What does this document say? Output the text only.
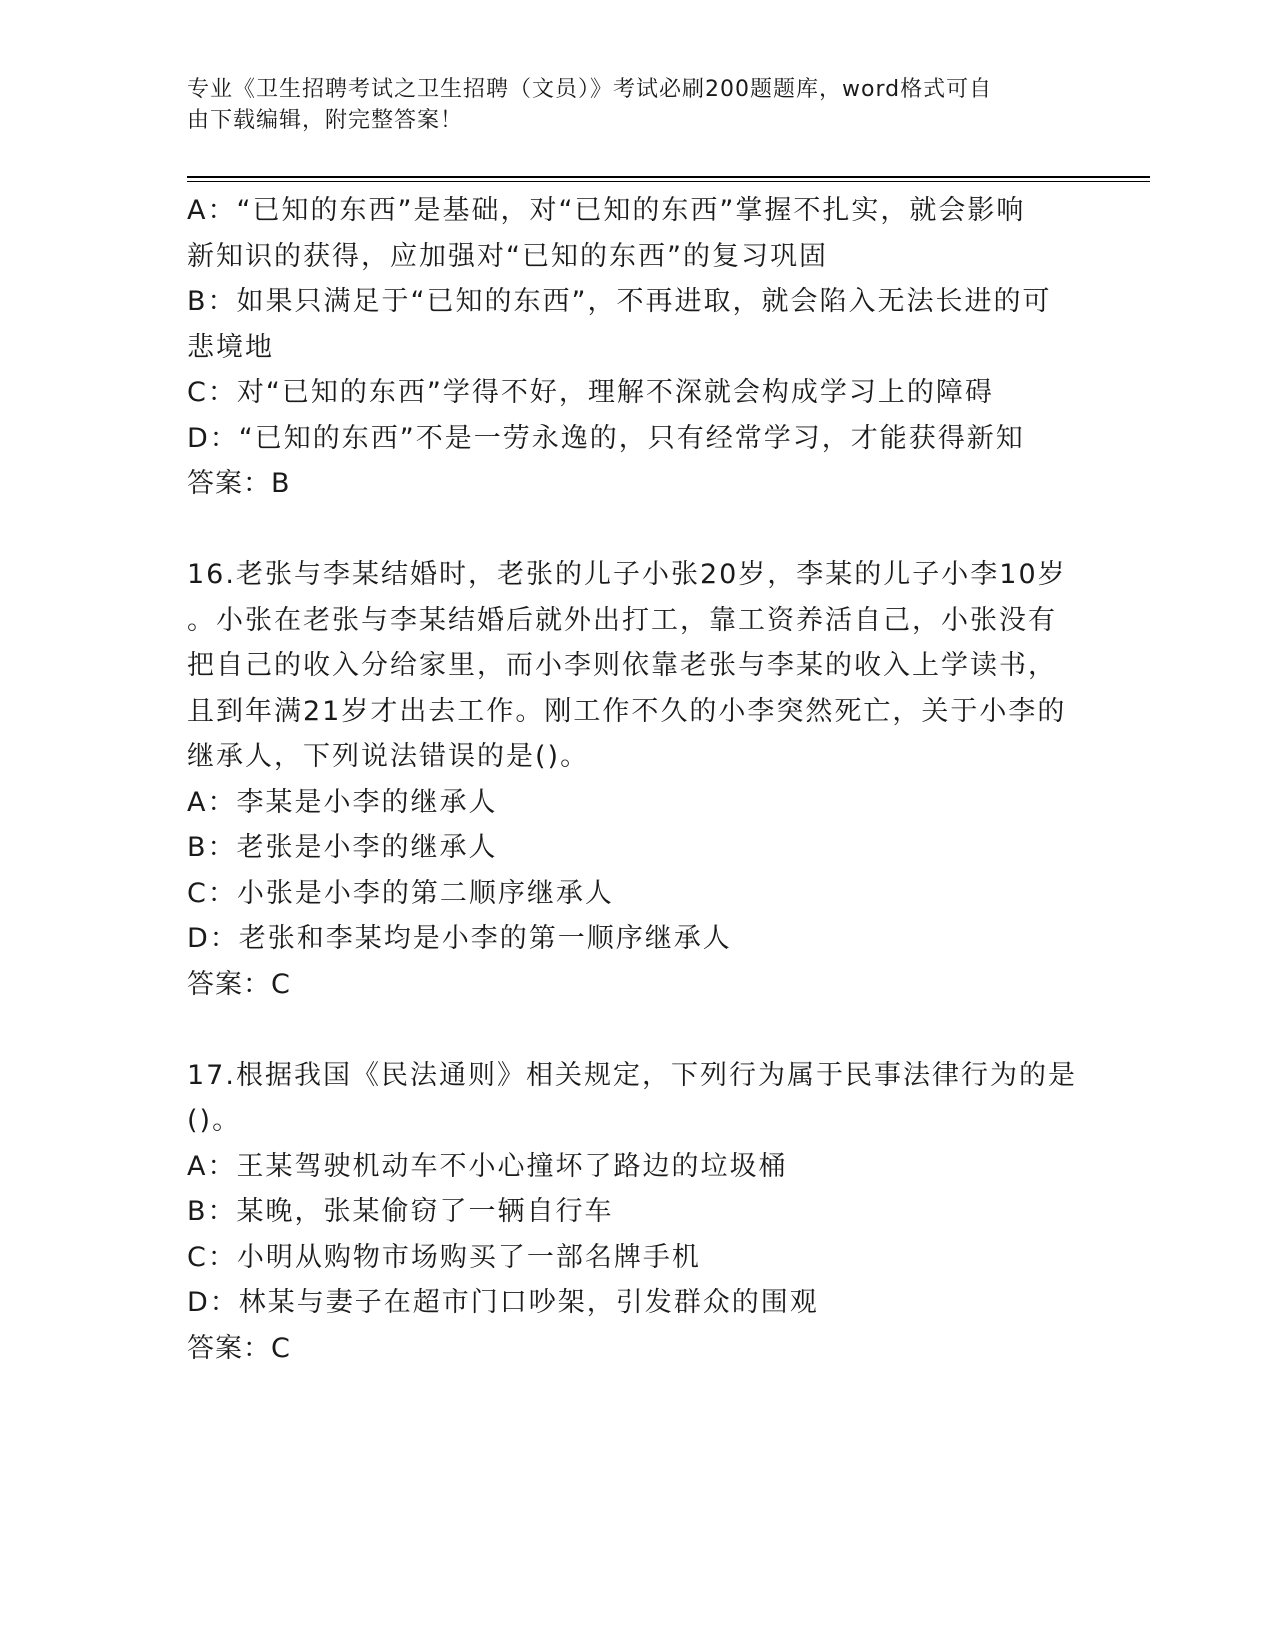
专业《卫生招聘考试之卫生招聘（文员）》考试必刷200题题库，word格式可自
由下载编辑，附完整答案！
A：“已知的东西”是基础，对“已知的东西”掌握不扎实，就会影响
新知识的获得，应加强对“已知的东西”的复习巩固
B：如果只满足于“已知的东西”，不再进取，就会陷入无法长进的可
悲境地
C：对“已知的东西”学得不好，理解不深就会构成学习上的障碍
D：“已知的东西”不是一劳永逸的，只有经常学习，才能获得新知
答案：B
16.老张与李某结婚时，老张的儿子小张20岁，李某的儿子小李10岁
。小张在老张与李某结婚后就外出打工，靠工资养活自己，小张没有
把自己的收入分给家里，而小李则依靠老张与李某的收入上学读书，
且到年满21岁才出去工作。刚工作不久的小李突然死亡，关于小李的
继承人，下列说法错误的是()。
A：李某是小李的继承人
B：老张是小李的继承人
C：小张是小李的第二顺序继承人
D：老张和李某均是小李的第一顺序继承人
答案：C
17.根据我国《民法通则》相关规定，下列行为属于民事法律行为的是
()。
A：王某驾驶机动车不小心撞坏了路边的垃圾桶
B：某晚，张某偷窃了一辆自行车
C：小明从购物市场购买了一部名牌手机
D：林某与妻子在超市门口吵架，引发群众的围观
答案：C
